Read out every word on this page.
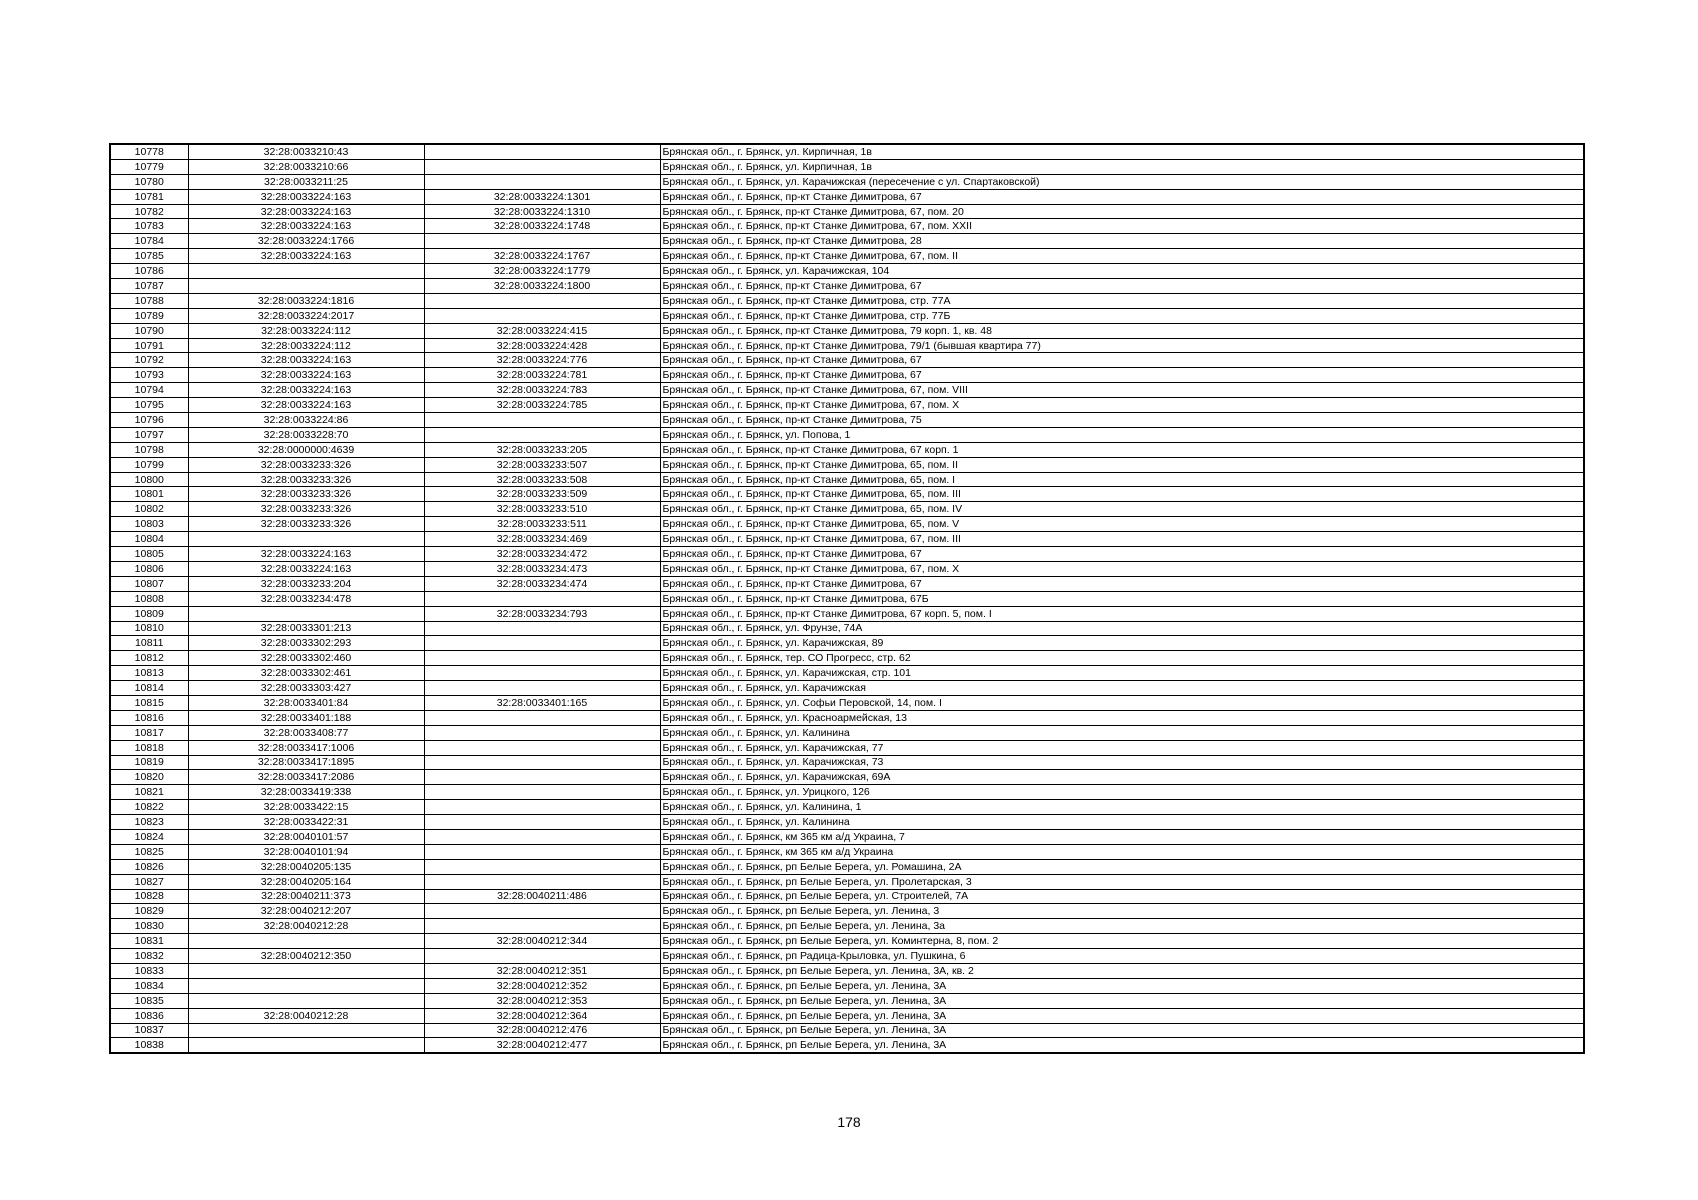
10778	32:28:0033210:43		Брянская обл., г. Брянск, ул. Кирпичная, 1в
10779	32:28:0033210:66		Брянская обл., г. Брянск, ул. Кирпичная, 1в
10780	32:28:0033211:25		Брянская обл., г. Брянск, ул. Карачижская (пересечение с ул. Спартаковской)
10781	32:28:0033224:163	32:28:0033224:1301	Брянская обл., г. Брянск, пр-кт Станке Димитрова, 67
10782	32:28:0033224:163	32:28:0033224:1310	Брянская обл., г. Брянск, пр-кт Станке Димитрова, 67, пом. 20
10783	32:28:0033224:163	32:28:0033224:1748	Брянская обл., г. Брянск, пр-кт Станке Димитрова, 67, пом. XXII
10784	32:28:0033224:1766		Брянская обл., г. Брянск, пр-кт Станке Димитрова, 28
10785	32:28:0033224:163	32:28:0033224:1767	Брянская обл., г. Брянск, пр-кт Станке Димитрова, 67, пом. II
10786		32:28:0033224:1779	Брянская обл., г. Брянск, ул. Карачижская, 104
10787		32:28:0033224:1800	Брянская обл., г. Брянск, пр-кт Станке Димитрова, 67
10788	32:28:0033224:1816		Брянская обл., г. Брянск, пр-кт Станке Димитрова, стр. 77А
10789	32:28:0033224:2017		Брянская обл., г. Брянск, пр-кт Станке Димитрова, стр. 77Б
10790	32:28:0033224:112	32:28:0033224:415	Брянская обл., г. Брянск, пр-кт Станке Димитрова, 79 корп. 1, кв. 48
10791	32:28:0033224:112	32:28:0033224:428	Брянская обл., г. Брянск, пр-кт Станке Димитрова, 79/1 (бывшая квартира 77)
10792	32:28:0033224:163	32:28:0033224:776	Брянская обл., г. Брянск, пр-кт Станке Димитрова, 67
10793	32:28:0033224:163	32:28:0033224:781	Брянская обл., г. Брянск, пр-кт Станке Димитрова, 67
10794	32:28:0033224:163	32:28:0033224:783	Брянская обл., г. Брянск, пр-кт Станке Димитрова, 67, пом. VIII
10795	32:28:0033224:163	32:28:0033224:785	Брянская обл., г. Брянск, пр-кт Станке Димитрова, 67, пом. X
10796	32:28:0033224:86		Брянская обл., г. Брянск, пр-кт Станке Димитрова, 75
10797	32:28:0033228:70		Брянская обл., г. Брянск, ул. Попова, 1
10798	32:28:0000000:4639	32:28:0033233:205	Брянская обл., г. Брянск, пр-кт Станке Димитрова, 67 корп. 1
10799	32:28:0033233:326	32:28:0033233:507	Брянская обл., г. Брянск, пр-кт Станке Димитрова, 65, пом. II
10800	32:28:0033233:326	32:28:0033233:508	Брянская обл., г. Брянск, пр-кт Станке Димитрова, 65, пом. I
10801	32:28:0033233:326	32:28:0033233:509	Брянская обл., г. Брянск, пр-кт Станке Димитрова, 65, пом. III
10802	32:28:0033233:326	32:28:0033233:510	Брянская обл., г. Брянск, пр-кт Станке Димитрова, 65, пом. IV
10803	32:28:0033233:326	32:28:0033233:511	Брянская обл., г. Брянск, пр-кт Станке Димитрова, 65, пом. V
10804		32:28:0033234:469	Брянская обл., г. Брянск, пр-кт Станке Димитрова, 67, пом. III
10805	32:28:0033224:163	32:28:0033234:472	Брянская обл., г. Брянск, пр-кт Станке Димитрова, 67
10806	32:28:0033224:163	32:28:0033234:473	Брянская обл., г. Брянск, пр-кт Станке Димитрова, 67, пом. X
10807	32:28:0033233:204	32:28:0033234:474	Брянская обл., г. Брянск, пр-кт Станке Димитрова, 67
10808	32:28:0033234:478		Брянская обл., г. Брянск, пр-кт Станке Димитрова, 67Б
10809		32:28:0033234:793	Брянская обл., г. Брянск, пр-кт Станке Димитрова, 67 корп. 5, пом. I
10810	32:28:0033301:213		Брянская обл., г. Брянск, ул. Фрунзе, 74А
10811	32:28:0033302:293		Брянская обл., г. Брянск, ул. Карачижская, 89
10812	32:28:0033302:460		Брянская обл., г. Брянск, тер. СО Прогресс, стр. 62
10813	32:28:0033302:461		Брянская обл., г. Брянск, ул. Карачижская, стр. 101
10814	32:28:0033303:427		Брянская обл., г. Брянск, ул. Карачижская
10815	32:28:0033401:84	32:28:0033401:165	Брянская обл., г. Брянск, ул. Софьи Перовской, 14, пом. I
10816	32:28:0033401:188		Брянская обл., г. Брянск, ул. Красноармейская, 13
10817	32:28:0033408:77		Брянская обл., г. Брянск, ул. Калинина
10818	32:28:0033417:1006		Брянская обл., г. Брянск, ул. Карачижская, 77
10819	32:28:0033417:1895		Брянская обл., г. Брянск, ул. Карачижская, 73
10820	32:28:0033417:2086		Брянская обл., г. Брянск, ул. Карачижская, 69А
10821	32:28:0033419:338		Брянская обл., г. Брянск, ул. Урицкого, 126
10822	32:28:0033422:15		Брянская обл., г. Брянск, ул. Калинина, 1
10823	32:28:0033422:31		Брянская обл., г. Брянск, ул. Калинина
10824	32:28:0040101:57		Брянская обл., г. Брянск, км 365 км а/д Украина, 7
10825	32:28:0040101:94		Брянская обл., г. Брянск, км 365 км а/д Украина
10826	32:28:0040205:135		Брянская обл., г. Брянск, рп Белые Берега, ул. Ромашина, 2А
10827	32:28:0040205:164		Брянская обл., г. Брянск, рп Белые Берега, ул. Пролетарская, 3
10828	32:28:0040211:373	32:28:0040211:486	Брянская обл., г. Брянск, рп Белые Берега, ул. Строителей, 7А
10829	32:28:0040212:207		Брянская обл., г. Брянск, рп Белые Берега, ул. Ленина, 3
10830	32:28:0040212:28		Брянская обл., г. Брянск, рп Белые Берега, ул. Ленина, 3а
10831		32:28:0040212:344	Брянская обл., г. Брянск, рп Белые Берега, ул. Коминтерна, 8, пом. 2
10832	32:28:0040212:350		Брянская обл., г. Брянск, рп Радица-Крыловка, ул. Пушкина, 6
10833		32:28:0040212:351	Брянская обл., г. Брянск, рп Белые Берега, ул. Ленина, 3А, кв. 2
10834		32:28:0040212:352	Брянская обл., г. Брянск, рп Белые Берега, ул. Ленина, 3А
10835		32:28:0040212:353	Брянская обл., г. Брянск, рп Белые Берега, ул. Ленина, 3А
10836	32:28:0040212:28	32:28:0040212:364	Брянская обл., г. Брянск, рп Белые Берега, ул. Ленина, 3А
10837		32:28:0040212:476	Брянская обл., г. Брянск, рп Белые Берега, ул. Ленина, 3А
10838		32:28:0040212:477	Брянская обл., г. Брянск, рп Белые Берега, ул. Ленина, 3А
178
